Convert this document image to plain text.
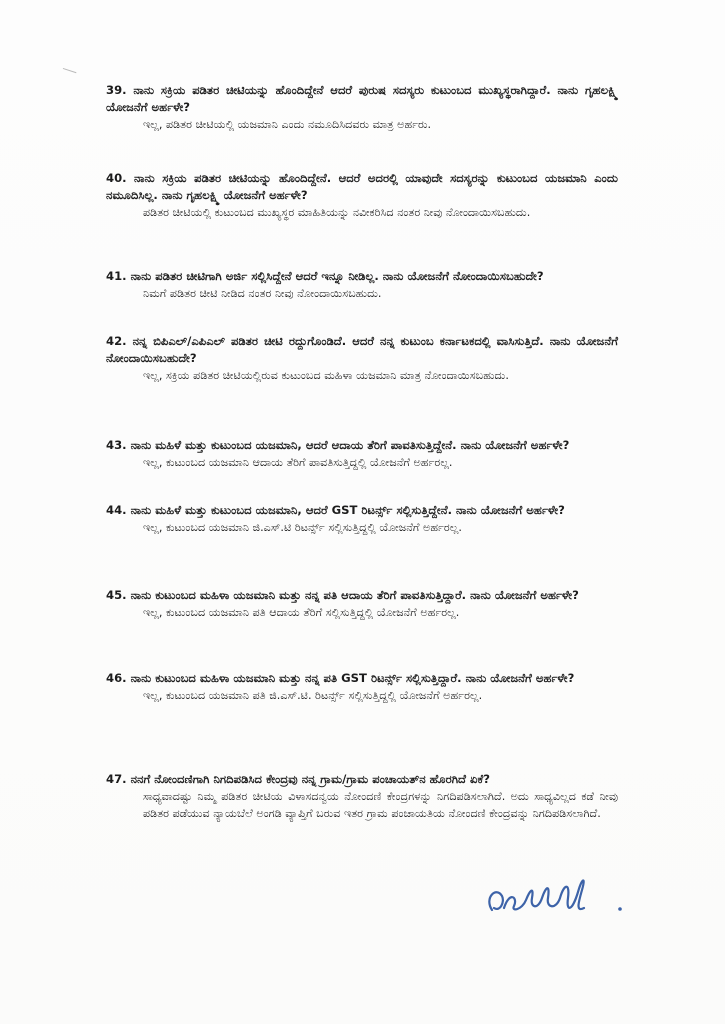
39. ನಾನು ಸಕ್ರಿಯ ಪಡಿತರ ಚೀಟಿಯನ್ನು ಹೊಂದಿದ್ದೇನೆ ಆದರೆ ಪುರುಷ ಸದಸ್ಯರು ಕುಟುಂಬದ ಮುಖ್ಯಸ್ಥರಾಗಿದ್ದಾರೆ. ನಾನು ಗೃಹಲಕ್ಷ್ಮಿ ಯೋಜನೆಗೆ ಅರ್ಹಳೇ?

ಇಲ್ಲ, ಪಡಿತರ ಚೀಟಿಯಲ್ಲಿ ಯಜಮಾನಿ ಎಂದು ನಮೂದಿಸಿದವರು ಮಾತ್ರ ಅರ್ಹರು.

40. ನಾನು ಸಕ್ರಿಯ ಪಡಿತರ ಚೀಟಿಯನ್ನು ಹೊಂದಿದ್ದೇನೆ. ಆದರೆ ಅದರಲ್ಲಿ ಯಾವುದೇ ಸದಸ್ಯರನ್ನು ಕುಟುಂಬದ ಯಜಮಾನಿ ಎಂದು ನಮೂದಿಸಿಲ್ಲ. ನಾನು ಗೃಹಲಕ್ಷ್ಮಿ ಯೋಜನೆಗೆ ಅರ್ಹಳೇ?

ಪಡಿತರ ಚೀಟಿಯಲ್ಲಿ ಕುಟುಂಬದ ಮುಖ್ಯಸ್ಥರ ಮಾಹಿತಿಯನ್ನು ನವೀಕರಿಸಿದ ನಂತರ ನೀವು ನೋಂದಾಯಿಸಬಹುದು.

41. ನಾನು ಪಡಿತರ ಚೀಟಿಗಾಗಿ ಅರ್ಜಿ ಸಲ್ಲಿಸಿದ್ದೇನೆ ಆದರೆ ಇನ್ನೂ ನೀಡಿಲ್ಲ. ನಾನು ಯೋಜನೆಗೆ ನೋಂದಾಯಿಸಬಹುದೇ?

ನಿಮಗೆ ಪಡಿತರ ಚೀಟಿ ನೀಡಿದ ನಂತರ ನೀವು ನೋಂದಾಯಿಸಬಹುದು.

42. ನನ್ನ ಬಿಪಿಎಲ್/ಎಪಿಎಲ್ ಪಡಿತರ ಚೀಟಿ ರದ್ದುಗೊಂಡಿದೆ. ಆದರೆ ನನ್ನ ಕುಟುಂಬ ಕರ್ನಾಟಕದಲ್ಲಿ ವಾಸಿಸುತ್ತಿದೆ. ನಾನು ಯೋಜನೆಗೆ ನೋಂದಾಯಿಸಬಹುದೇ?

ಇಲ್ಲ, ಸಕ್ರಿಯ ಪಡಿತರ ಚೀಟಿಯಲ್ಲಿರುವ ಕುಟುಂಬದ ಮಹಿಳಾ ಯಜಮಾನಿ ಮಾತ್ರ ನೋಂದಾಯಿಸಬಹುದು.

43. ನಾನು ಮಹಿಳೆ ಮತ್ತು ಕುಟುಂಬದ ಯಜಮಾನಿ, ಆದರೆ ಆದಾಯ ತೆರಿಗೆ ಪಾವತಿಸುತ್ತಿದ್ದೇನೆ. ನಾನು ಯೋಜನೆಗೆ ಅರ್ಹಳೇ?

ಇಲ್ಲ, ಕುಟುಂಬದ ಯಜಮಾನಿ ಆದಾಯ ತೆರಿಗೆ ಪಾವತಿಸುತ್ತಿದ್ದಲ್ಲಿ ಯೋಜನೆಗೆ ಅರ್ಹರಲ್ಲ.

44. ನಾನು ಮಹಿಳೆ ಮತ್ತು ಕುಟುಂಬದ ಯಜಮಾನಿ, ಆದರೆ GST ರಿಟರ್ನ್ಸ್ ಸಲ್ಲಿಸುತ್ತಿದ್ದೇನೆ. ನಾನು ಯೋಜನೆಗೆ ಅರ್ಹಳೇ?

ಇಲ್ಲ, ಕುಟುಂಬದ ಯಜಮಾನಿ ಜಿ.ಎಸ್.ಟಿ ರಿಟರ್ನ್ಸ್ ಸಲ್ಲಿಸುತ್ತಿದ್ದಲ್ಲಿ ಯೋಜನೆಗೆ ಅರ್ಹರಲ್ಲ.

45. ನಾನು ಕುಟುಂಬದ ಮಹಿಳಾ ಯಜಮಾನಿ ಮತ್ತು ನನ್ನ ಪತಿ ಆದಾಯ ತೆರಿಗೆ ಪಾವತಿಸುತ್ತಿದ್ದಾರೆ. ನಾನು ಯೋಜನೆಗೆ ಅರ್ಹಳೇ?

ಇಲ್ಲ, ಕುಟುಂಬದ ಯಜಮಾನಿ ಪತಿ ಆದಾಯ ತೆರಿಗೆ ಸಲ್ಲಿಸುತ್ತಿದ್ದಲ್ಲಿ ಯೋಜನೆಗೆ ಅರ್ಹರಲ್ಲ.

46. ನಾನು ಕುಟುಂಬದ ಮಹಿಳಾ ಯಜಮಾನಿ ಮತ್ತು ನನ್ನ ಪತಿ GST ರಿಟರ್ನ್ಸ್ ಸಲ್ಲಿಸುತ್ತಿದ್ದಾರೆ. ನಾನು ಯೋಜನೆಗೆ ಅರ್ಹಳೇ?

ಇಲ್ಲ, ಕುಟುಂಬದ ಯಜಮಾನಿ ಪತಿ ಜಿ.ಎಸ್.ಟಿ. ರಿಟರ್ನ್ಸ್ ಸಲ್ಲಿಸುತ್ತಿದ್ದಲ್ಲಿ ಯೋಜನೆಗೆ ಅರ್ಹರಲ್ಲ.

47. ನನಗೆ ನೋಂದಣಿಗಾಗಿ ನಿಗದಿಪಡಿಸಿದ ಕೇಂದ್ರವು ನನ್ನ ಗ್ರಾಮ/ಗ್ರಾಮ ಪಂಚಾಯತ್‌ನ ಹೊರಗಿದೆ ಏಕೆ?

ಸಾಧ್ಯವಾದಷ್ಟು ನಿಮ್ಮ ಪಡಿತರ ಚೀಟಿಯ ವಿಳಾಸದನ್ವಯ ನೋಂದಣಿ ಕೇಂದ್ರಗಳನ್ನು ನಿಗದಿಪಡಿಸಲಾಗಿದೆ. ಅದು ಸಾಧ್ಯವಿಲ್ಲದ ಕಡೆ ನೀವು ಪಡಿತರ ಪಡೆಯುವ ನ್ಯಾಯಬೆಲೆ ಅಂಗಡಿ ವ್ಯಾಪ್ತಿಗೆ ಬರುವ ಇತರ ಗ್ರಾಮ ಪಂಚಾಯತಿಯ ನೋಂದಣಿ ಕೇಂದ್ರವನ್ನು ನಿಗದಿಪಡಿಸಲಾಗಿದೆ.
